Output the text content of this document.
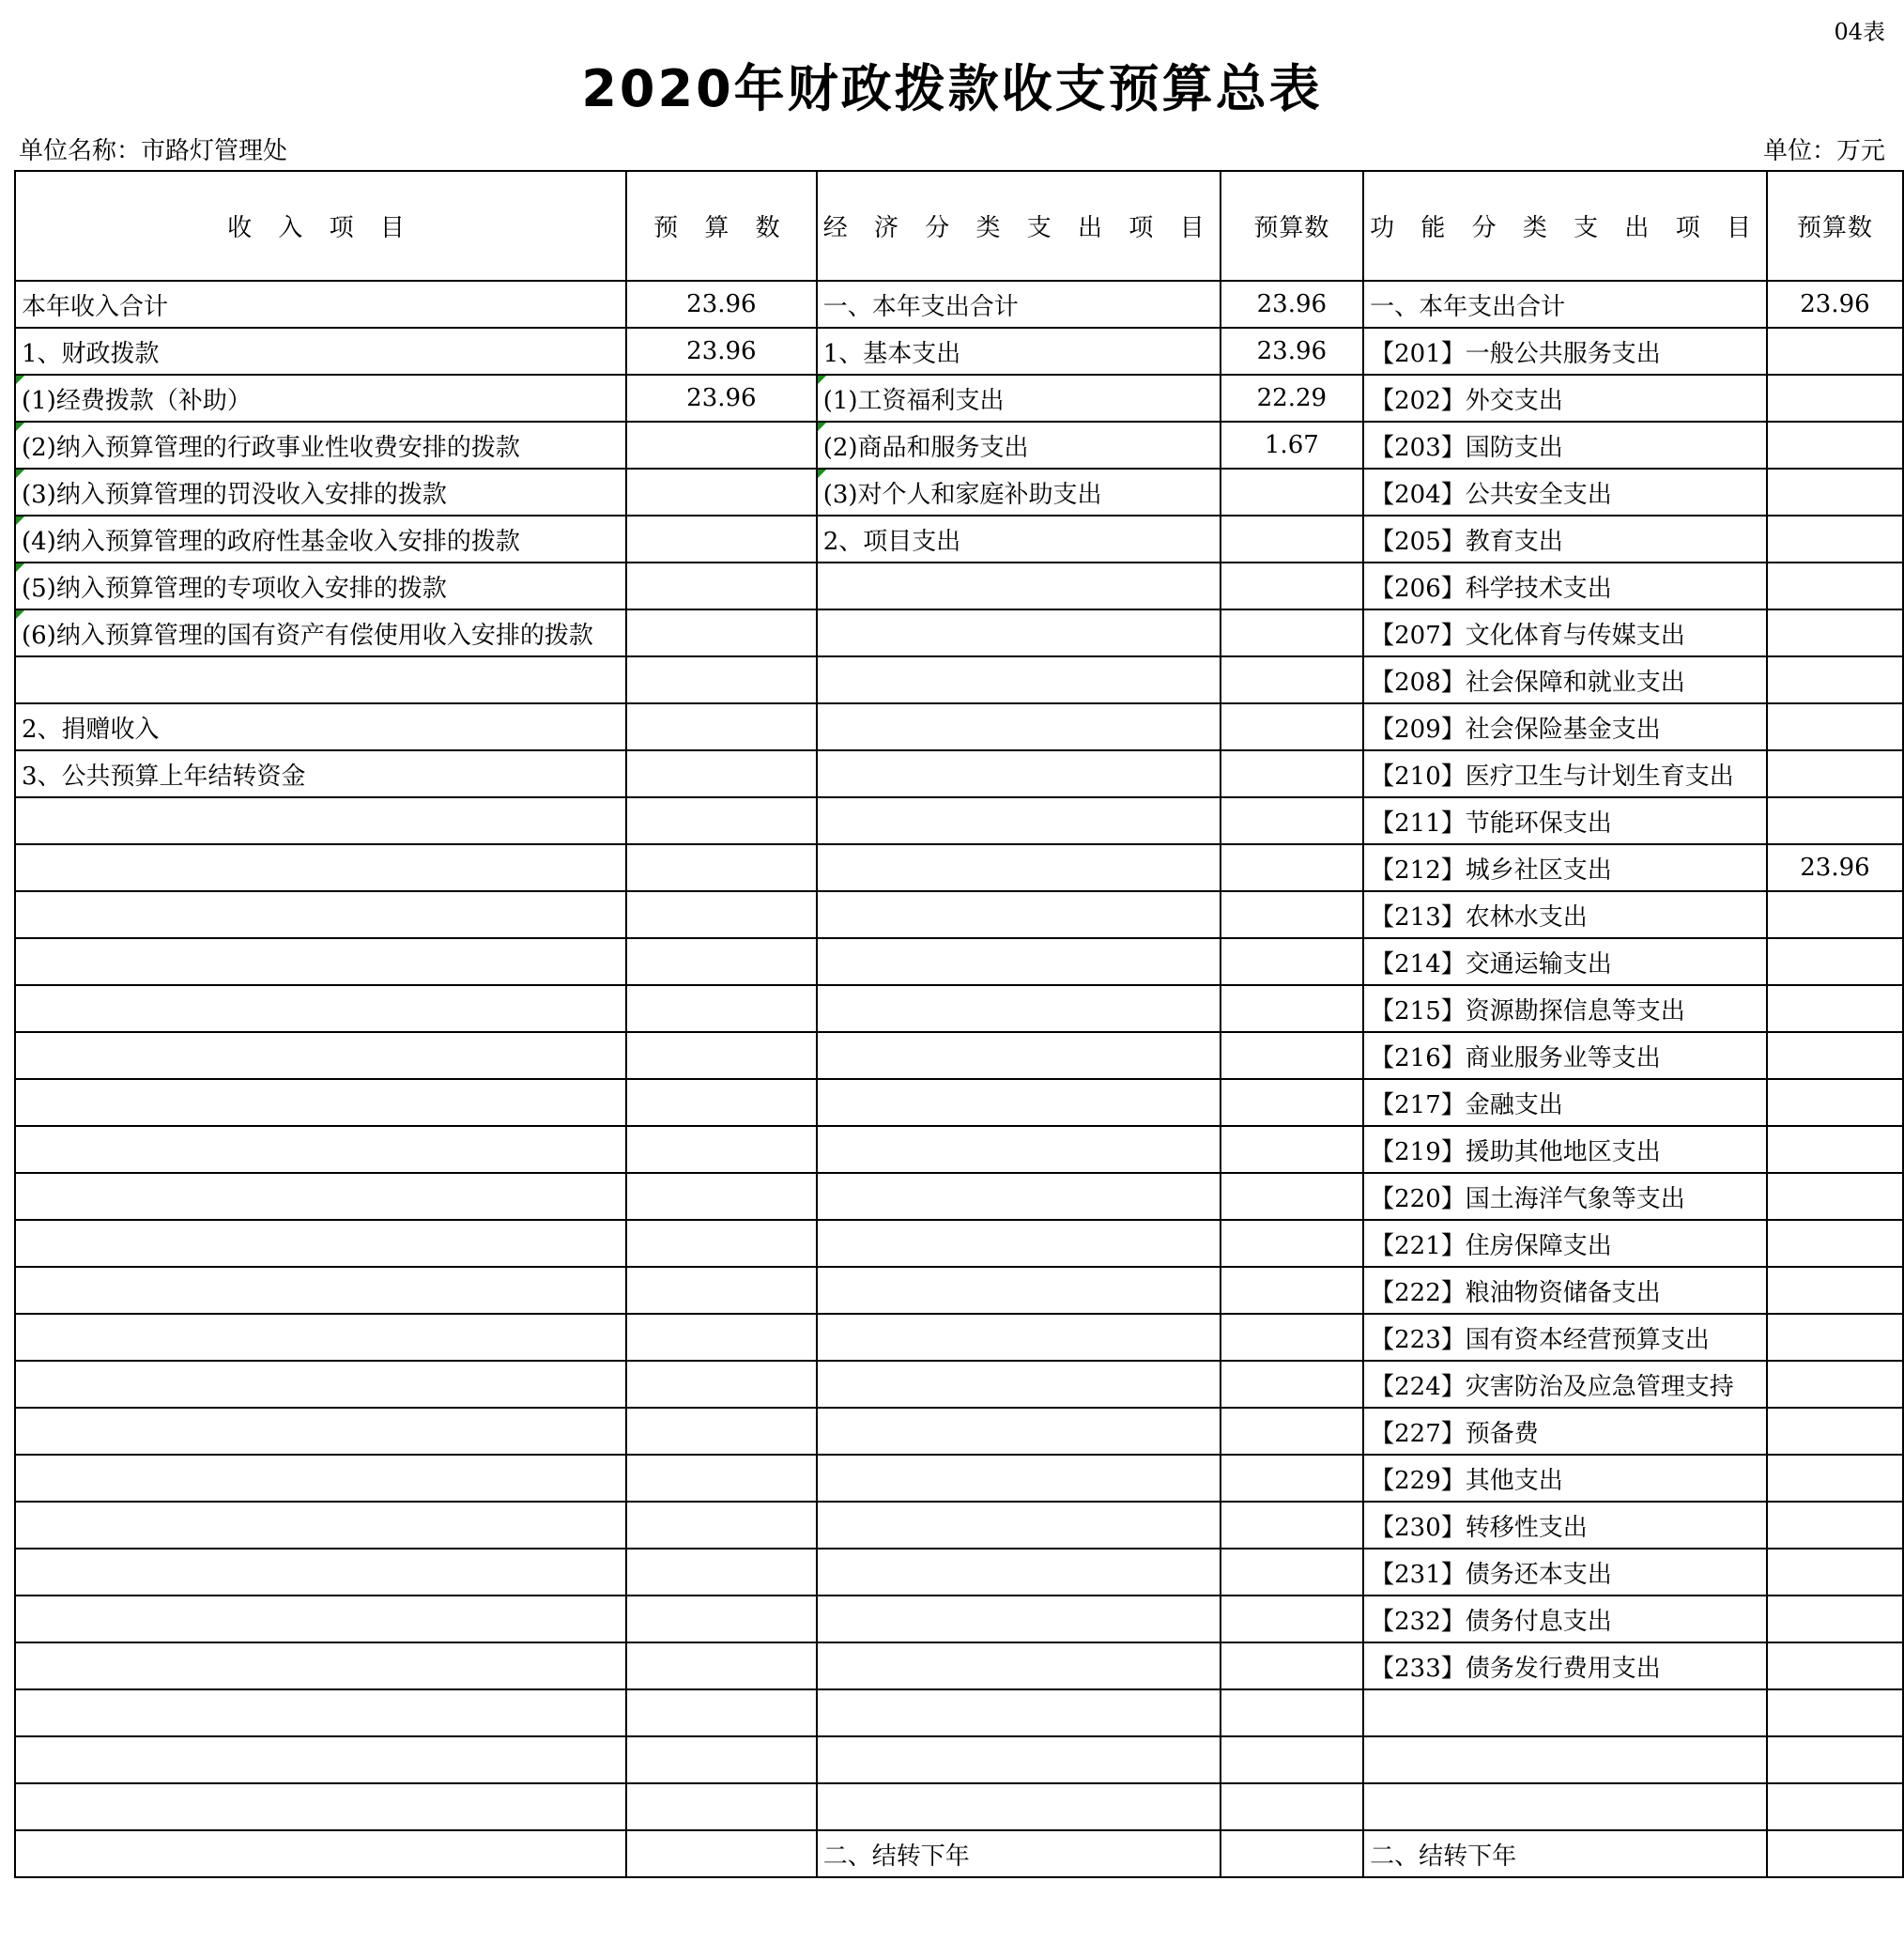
04表
2020年财政拨款收支预算总表
单位名称：市路灯管理处	单位：万元
收 入 项 目	预 算 数	经 济 分 类 支 出 项 目	预算数	功 能 分 类 支 出 项 目	预算数
本年收入合计	23.96	一、本年支出合计	23.96	一、本年支出合计	23.96
1、财政拨款	23.96	1、基本支出	23.96	【201】一般公共服务支出	
(1)经费拨款（补助）	23.96	(1)工资福利支出	22.29	【202】外交支出	
(2)纳入预算管理的行政事业性收费安排的拨款		(2)商品和服务支出	1.67	【203】国防支出	
(3)纳入预算管理的罚没收入安排的拨款		(3)对个人和家庭补助支出		【204】公共安全支出	
(4)纳入预算管理的政府性基金收入安排的拨款		2、项目支出		【205】教育支出	
(5)纳入预算管理的专项收入安排的拨款				【206】科学技术支出	
(6)纳入预算管理的国有资产有偿使用收入安排的拨款				【207】文化体育与传媒支出	
				【208】社会保障和就业支出	
2、捐赠收入				【209】社会保险基金支出	
3、公共预算上年结转资金				【210】医疗卫生与计划生育支出	
				【211】节能环保支出	
				【212】城乡社区支出	23.96
				【213】农林水支出	
				【214】交通运输支出	
				【215】资源勘探信息等支出	
				【216】商业服务业等支出	
				【217】金融支出	
				【219】援助其他地区支出	
				【220】国土海洋气象等支出	
				【221】住房保障支出	
				【222】粮油物资储备支出	
				【223】国有资本经营预算支出	
				【224】灾害防治及应急管理支持	
				【227】预备费	
				【229】其他支出	
				【230】转移性支出	
				【231】债务还本支出	
				【232】债务付息支出	
				【233】债务发行费用支出	

		二、结转下年		二、结转下年	
